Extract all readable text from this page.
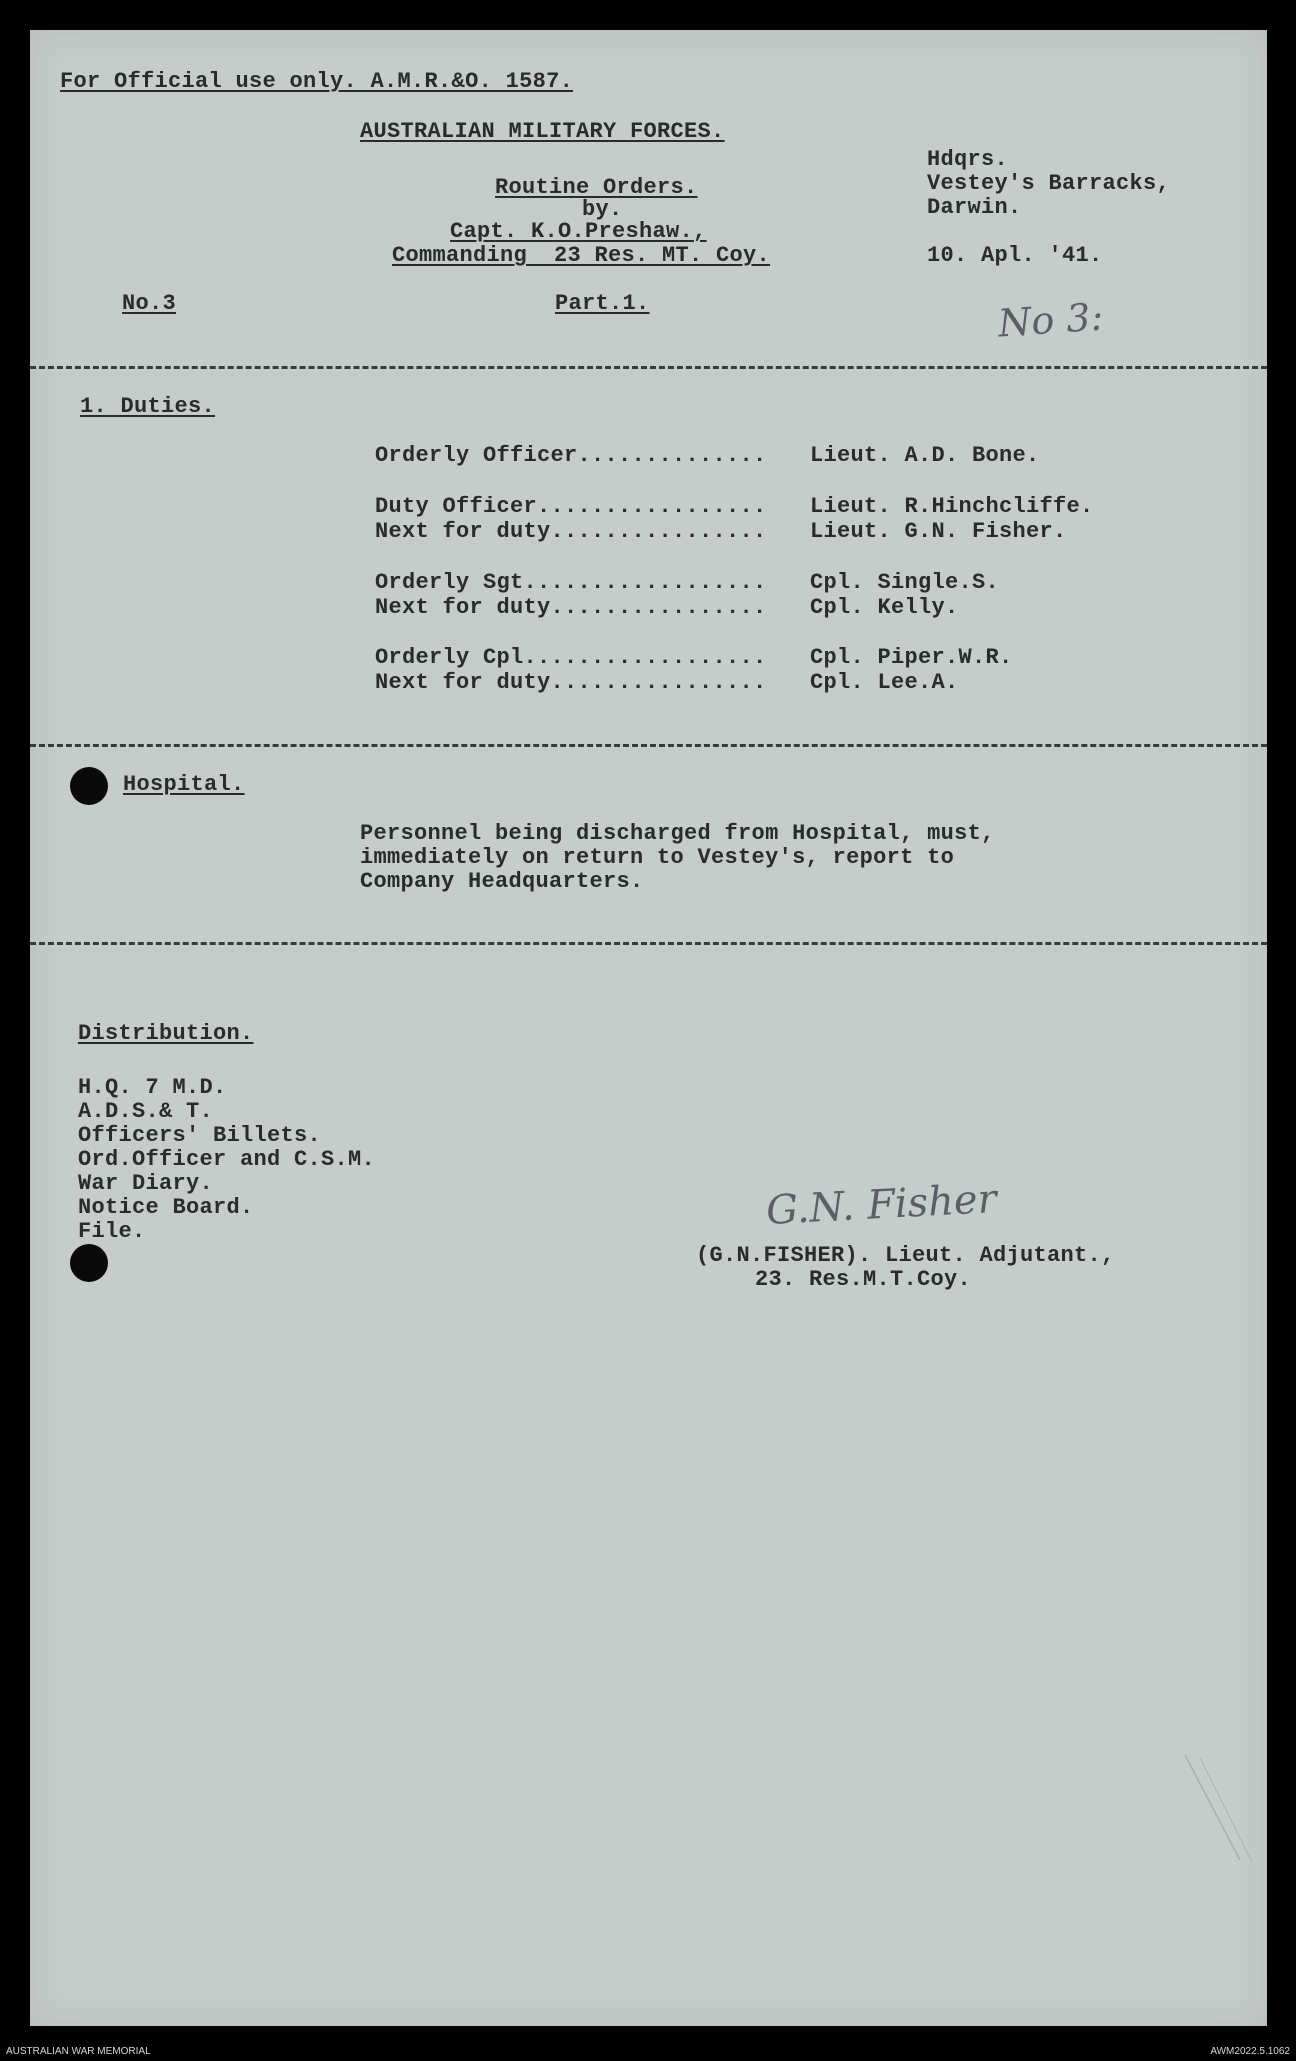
For Official use only. A.M.R.&O. 1587.
AUSTRALIAN MILITARY FORCES.
Routine Orders.
by.
Capt. K.O.Preshaw.,
Commanding  23 Res. MT. Coy.
Hdqrs.
Vestey's Barracks,
Darwin.
10. Apl. '41.
No.3	Part.1.	No 3:
1. Duties.
Orderly Officer.............. Lieut. A.D. Bone.
Duty Officer................. Lieut. R.Hinchcliffe.
Next for duty................ Lieut. G.N. Fisher.
Orderly Sgt.................. Cpl. Single.S.
Next for duty................ Cpl. Kelly.
Orderly Cpl.................. Cpl. Piper.W.R.
Next for duty................ Cpl. Lee.A.
Hospital.
Personnel being discharged from Hospital, must,
immediately on return to Vestey's, report to
Company Headquarters.
Distribution.
H.Q. 7 M.D.
A.D.S.& T.
Officers' Billets.
Ord.Officer and C.S.M.
War Diary.
Notice Board.
File.	G.N. Fisher
(G.N.FISHER). Lieut. Adjutant.,
23. Res.M.T.Coy.
AUSTRALIAN WAR MEMORIAL	AWM2022.5.1062
